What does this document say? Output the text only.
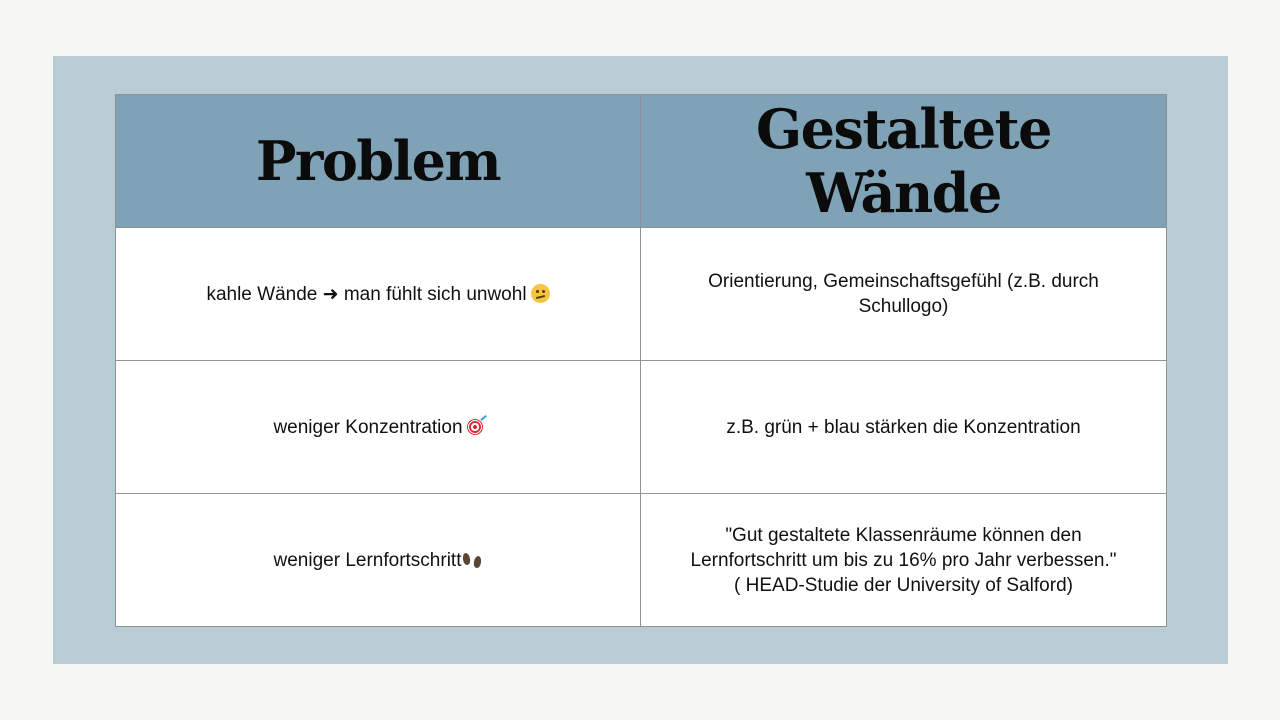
Problem	Gestaltete Wände
kahle Wände ➜ man fühlt sich unwohl	Orientierung, Gemeinschaftsgefühl (z.B. durch
Schullogo)

weniger Konzentration	z.B. grün + blau stärken die Konzentration

weniger Lernfortschritt	"Gut gestaltete Klassenräume können den
Lernfortschritt um bis zu 16% pro Jahr verbessen."
( HEAD-Studie der University of Salford)
